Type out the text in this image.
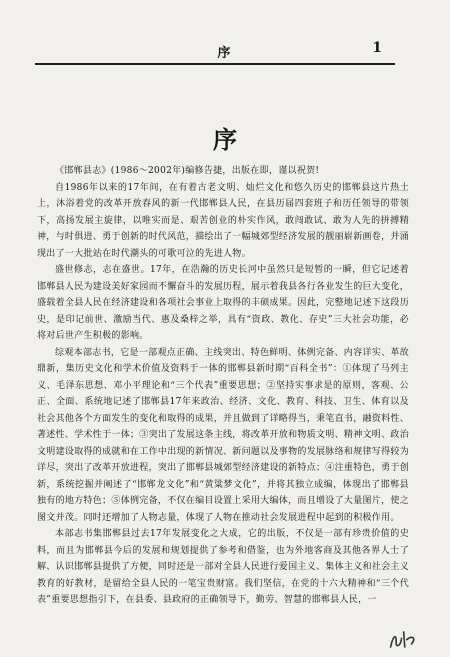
序	1
序

《邯郸县志》(1986～2002年)编修告捷，出版在即，谨以祝贺!

自1986年以来的17年间，在有着古老文明、灿烂文化和悠久历史的邯郸县这片热土上，沐浴着党的改革开放春风的新一代邯郸县人民，在县历届四套班子和历任领导的带领下，高扬发展主旋律，以唯实而是、艰苦创业的朴实作风，敢闯敢试、敢为人先的拼搏精神，与时俱进、勇于创新的时代风范，描绘出了一幅城郊型经济发展的靓丽崭新画卷，并涌现出了一大批站在时代潮头的可歌可泣的先进人物。

盛世修志，志在盛世。17年，在浩瀚的历史长河中虽然只是短暂的一瞬，但它记述着邯郸县人民为建设美好家园而不懈奋斗的发展历程，展示着我县各行各业发生的巨大变化，盛载着全县人民在经济建设和各项社会事业上取得的丰硕成果。因此，完整地记述下这段历史，是印记前世、激励当代、惠及桑梓之举，具有“资政、教化、存史”三大社会功能，必将对后世产生积极的影响。

综观本部志书，它是一部观点正确、主线突出、特色鲜明、体例完备、内容详实、革故鼎新，集历史文化和学术价值及资料于一体的邯郸县新时期“百科全书”：①体现了马列主义、毛泽东思想、邓小平理论和“三个代表”重要思想；②坚持实事求是的原则，客观、公正、全面、系统地记述了邯郸县17年来政治、经济、文化、教育、科技、卫生、体育以及社会其他各个方面发生的变化和取得的成果，并且做到了详略得当，秉笔直书，融资料性、著述性、学术性于一体；③突出了发展这条主线，将改革开放和物质文明、精神文明、政治文明建设取得的成就和在工作中出现的新情况、新问题以及事物的发展脉络和规律写得较为详尽，突出了改革开放进程，突出了邯郸县城郊型经济建设的新特点；④注重特色，勇于创新，系统挖掘并阐述了“邯郸龙文化”和“黄粱梦文化”，并将其独立成编，体现出了邯郸县独有的地方特色；⑤体例完备，不仅在编目设置上采用大编体，而且增设了大量图片，使之图文并茂。同时还增加了人物志量，体现了人物在推动社会发展进程中起到的积极作用。

本部志书集邯郸县过去17年发展变化之大成，它的出版，不仅是一部有珍贵价值的史料，而且为邯郸县今后的发展和规划提供了参考和借鉴，也为外地客商及其他各界人士了解、认识邯郸县提供了方便，同时还是一部对全县人民进行爱国主义、集体主义和社会主义教育的好教材，是留给全县人民的一笔宝贵财富。我们坚信，在党的十六大精神和“三个代表”重要思想指引下，在县委、县政府的正确领导下，勤劳、智慧的邯郸县人民，一
